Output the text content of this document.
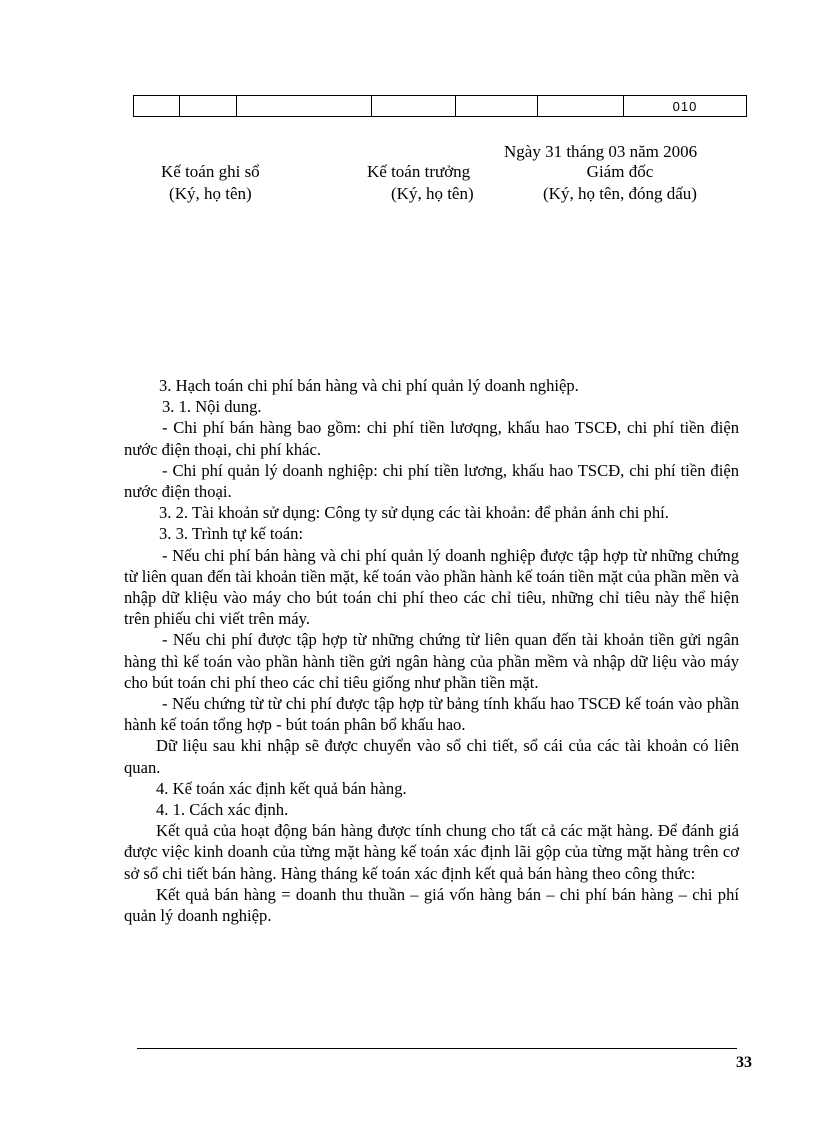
						010
Ngày 31 tháng 03 năm 2006
Kế toán ghi sổ
(Ký, họ tên)
Kế toán trưởng
(Ký, họ tên)
Giám đốc
(Ký, họ tên, đóng dấu)

3. Hạch toán chi phí bán hàng và chi phí quản lý doanh nghiệp.

3. 1. Nội dung.

- Chi phí bán hàng bao gồm: chi phí tiền lươqng, khấu hao TSCĐ, chi phí tiền điện nước điện thoại, chi phí khác.

- Chi phí quản lý doanh nghiệp: chi phí tiền lương, khấu hao TSCĐ, chi phí tiền điện nước điện thoại.

3. 2. Tài khoản sử dụng: Công ty sử dụng các tài khoản: để phản ánh chi phí.

3. 3. Trình tự kế toán:

- Nếu chi phí bán hàng và chi phí quản lý doanh nghiệp được tập hợp từ những chứng từ liên quan đến tài khoản tiền mặt, kế toán vào phần hành kế toán tiền mặt của phần mền và nhập dữ kliệu vào máy cho bút toán chi phí theo các chỉ tiêu, những chỉ tiêu này thể hiện trên phiếu chi viết trên máy.

- Nếu chi phí được tập hợp từ những chứng từ liên quan đến tài khoản tiền gửi ngân hàng thì kế toán vào phần hành tiền gửi ngân hàng của phần mềm và nhập dữ liệu vào máy cho bút toán chi phí theo các chỉ tiêu giống như phần tiền mặt.

- Nếu chứng từ từ chi phí được tập hợp từ bảng tính khấu hao TSCĐ kế toán vào phần hành kế toán tổng hợp - bút toán phân bổ khấu hao.

Dữ liệu sau khi nhập sẽ được chuyển vào sổ chi tiết, sổ cái của các tài khoản có liên quan.

4. Kế toán xác định kết quả bán hàng.

4. 1. Cách xác định.

Kết quả của hoạt động bán hàng được tính chung cho tất cả các mặt hàng. Để đánh giá được việc kinh doanh của từng mặt hàng kế toán xác định lãi gộp của từng mặt hàng trên cơ sở sổ chi tiết bán hàng. Hàng tháng kế toán xác định kết quả bán hàng theo công thức:

Kết quả bán hàng = doanh thu thuần – giá vốn hàng bán – chi phí bán hàng – chi phí quản lý doanh nghiệp.

33
